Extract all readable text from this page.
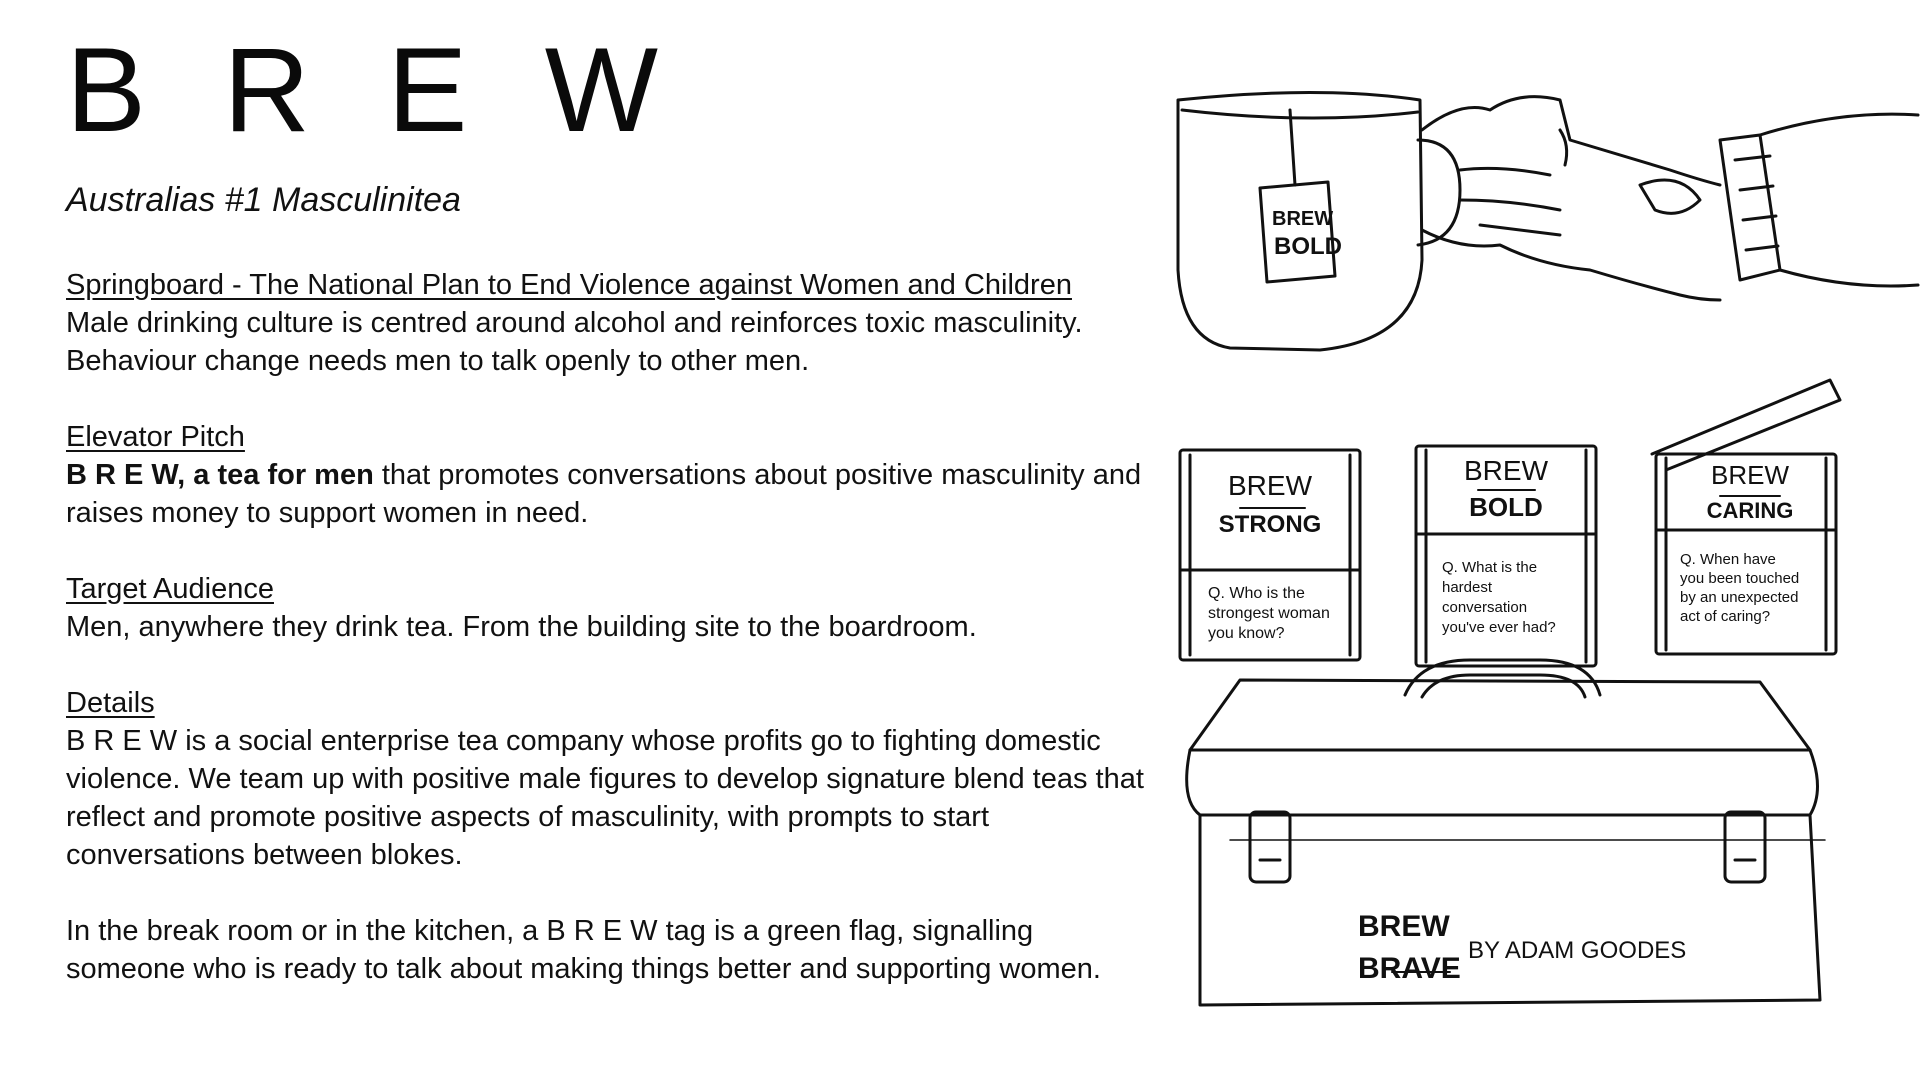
B R E W
Australias #1 Masculinitea

Springboard - The National Plan to End Violence against Women and Children

Male drinking culture is centred around alcohol and reinforces toxic masculinity. Behaviour change needs men to talk openly to other men.

Elevator Pitch

B R E W, a tea for men that promotes conversations about positive masculinity and raises money to support women in need.

Target Audience

Men, anywhere they drink tea. From the building site to the boardroom.

Details

B R E W is a social enterprise tea company whose profits go to fighting domestic violence. We team up with positive male figures to develop signature blend teas that reflect and promote positive aspects of masculinity, with prompts to start conversations between blokes.

In the break room or in the kitchen, a B R E W tag is a green flag, signalling someone who is ready to talk about making things better and supporting women.

BREW
BOLD
BREW
STRONG
Q. Who is the
strongest woman
you know?
BREW
BOLD
Q. What is the
hardest
conversation
you've ever had?
BREW
CARING
Q. When have
you been touched
by an unexpected
act of caring?
BREW
BRAVE
BY ADAM GOODES
